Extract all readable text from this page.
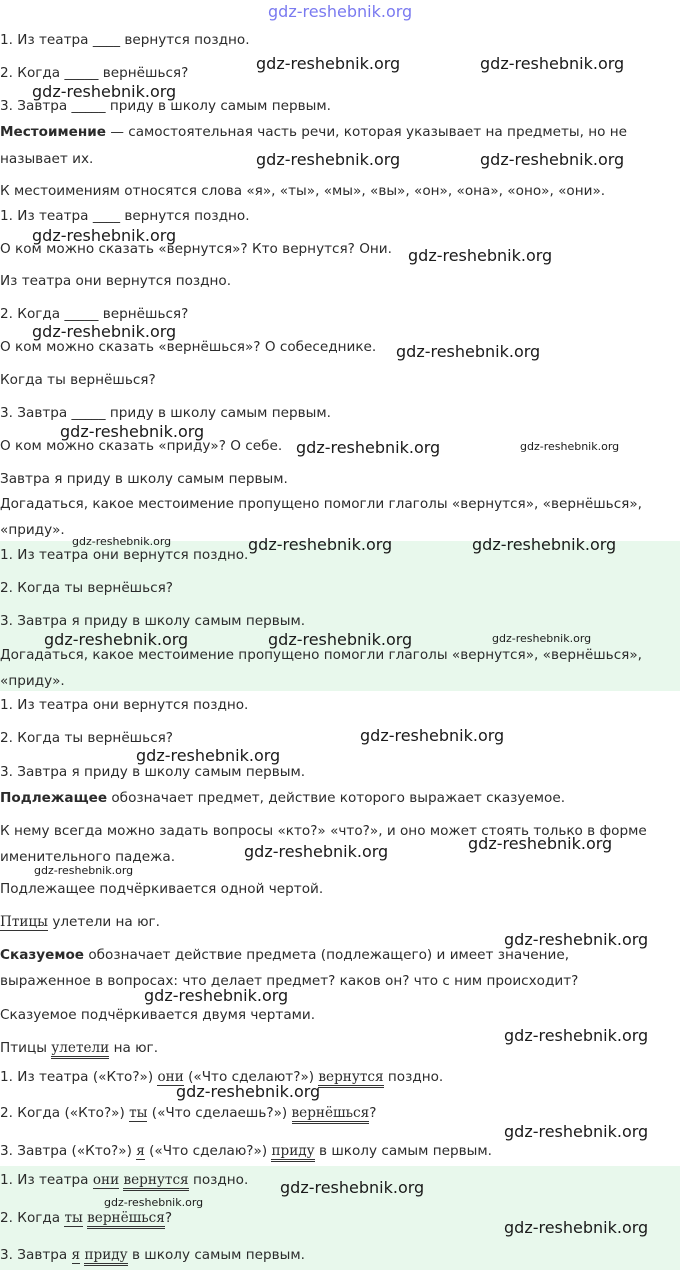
1. Из театра ____ вернутся поздно.
2. Когда _____ вернёшься?
3. Завтра _____ приду в школу самым первым.
Местоимение — самостоятельная часть речи, которая указывает на предметы, но не
называет их.
К местоимениям относятся слова «я», «ты», «мы», «вы», «он», «она», «оно», «они».
1. Из театра ____ вернутся поздно.
О ком можно сказать «вернутся»? Кто вернутся? Они.
Из театра они вернутся поздно.
2. Когда _____ вернёшься?
О ком можно сказать «вернёшься»? О собеседнике.
Когда ты вернёшься?
3. Завтра _____ приду в школу самым первым.
О ком можно сказать «приду»? О себе.
Завтра я приду в школу самым первым.
Догадаться, какое местоимение пропущено помогли глаголы «вернутся», «вернёшься»,
«приду».
1. Из театра они вернутся поздно.
2. Когда ты вернёшься?
3. Завтра я приду в школу самым первым.
Догадаться, какое местоимение пропущено помогли глаголы «вернутся», «вернёшься»,
«приду».
1. Из театра они вернутся поздно.
2. Когда ты вернёшься?
3. Завтра я приду в школу самым первым.
Подлежащее обозначает предмет, действие которого выражает сказуемое.
К нему всегда можно задать вопросы «кто?» «что?», и оно может стоять только в форме
именительного падежа.
Подлежащее подчёркивается одной чертой.
Птицы улетели на юг.
Сказуемое обозначает действие предмета (подлежащего) и имеет значение,
выраженное в вопросах: что делает предмет? каков он? что с ним происходит?
Сказуемое подчёркивается двумя чертами.
Птицы улетели на юг.
1. Из театра («Кто?») они («Что сделают?») вернутся поздно.
2. Когда («Кто?») ты («Что сделаешь?») вернёшься?
3. Завтра («Кто?») я («Что сделаю?») приду в школу самым первым.
1. Из театра они вернутся поздно.
2. Когда ты вернёшься?
3. Завтра я приду в школу самым первым.
gdz-reshebnik.org
gdz-reshebnik.org	gdz-reshebnik.org
gdz-reshebnik.org
gdz-reshebnik.org	gdz-reshebnik.org
gdz-reshebnik.org
gdz-reshebnik.org
gdz-reshebnik.org
gdz-reshebnik.org
gdz-reshebnik.org
gdz-reshebnik.org	gdz-reshebnik.org
gdz-reshebnik.org	gdz-reshebnik.org	gdz-reshebnik.org
gdz-reshebnik.org	gdz-reshebnik.org	gdz-reshebnik.org
gdz-reshebnik.org
gdz-reshebnik.org
gdz-reshebnik.org	gdz-reshebnik.org
gdz-reshebnik.org
gdz-reshebnik.org
gdz-reshebnik.org
gdz-reshebnik.org
gdz-reshebnik.org
gdz-reshebnik.org
gdz-reshebnik.org
gdz-reshebnik.org
gdz-reshebnik.org
